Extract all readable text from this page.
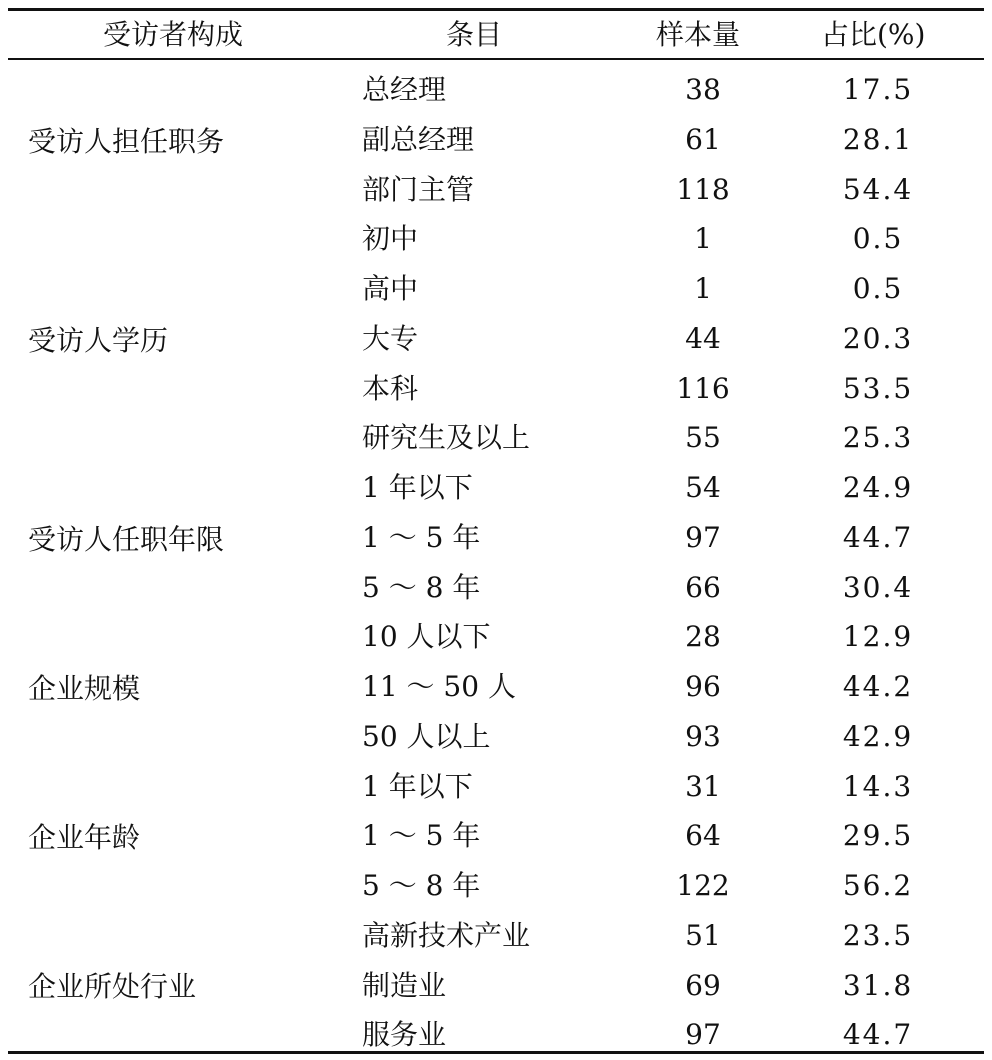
受访者构成	条目	样本量	占比(%)
受访人担任职务
总经理	38	17.5
副总经理	61	28.1
部门主管	118	54.4
受访人学历
初中	1	0.5
高中	1	0.5
大专	44	20.3
本科	116	53.5
研究生及以上	55	25.3
受访人任职年限
1 年以下	54	24.9
1 ～ 5 年	97	44.7
5 ～ 8 年	66	30.4
企业规模
10 人以下	28	12.9
11 ～ 50 人	96	44.2
50 人以上	93	42.9
企业年龄
1 年以下	31	14.3
1 ～ 5 年	64	29.5
5 ～ 8 年	122	56.2
企业所处行业
高新技术产业	51	23.5
制造业	69	31.8
服务业	97	44.7
